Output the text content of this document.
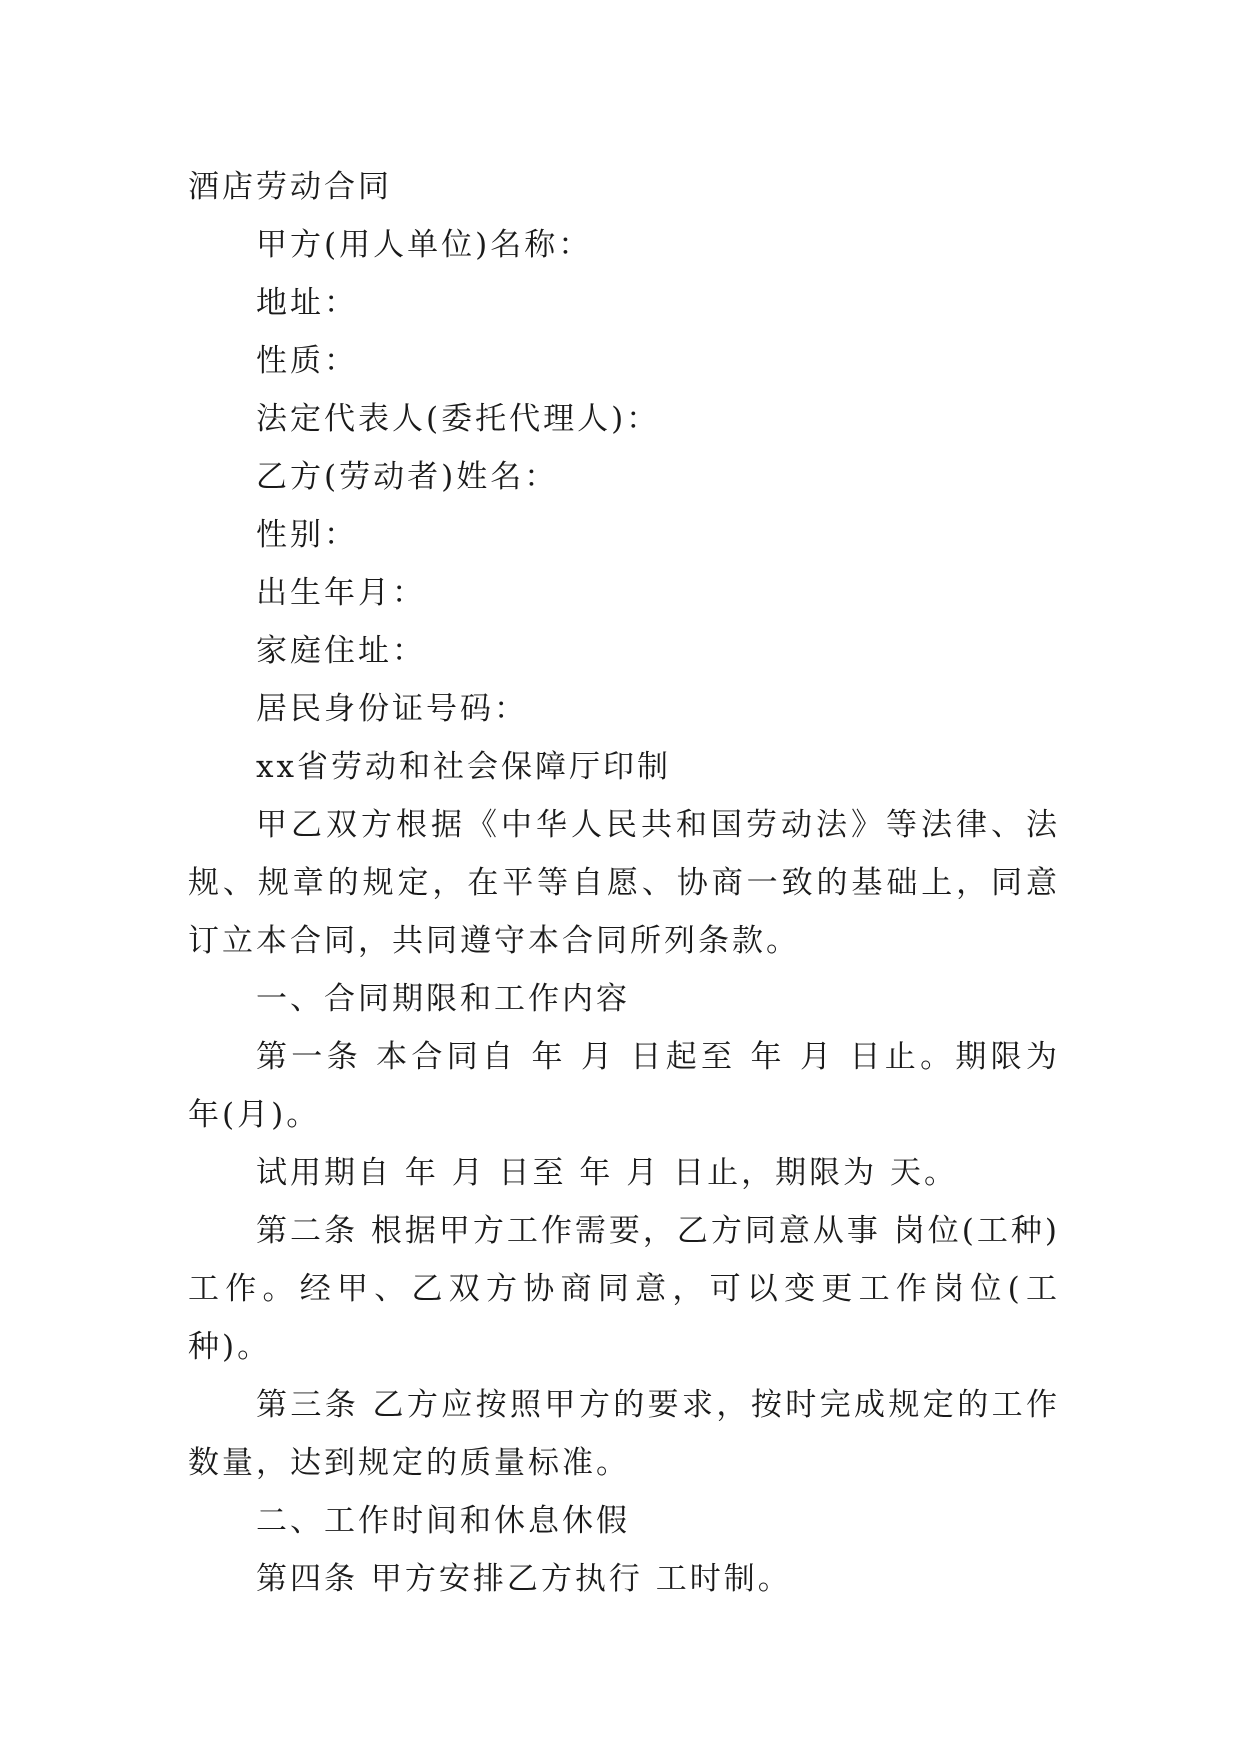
酒店劳动合同

甲方(用人单位)名称：

地址：

性质：

法定代表人(委托代理人)：

乙方(劳动者)姓名：

性别：

出生年月：

家庭住址：

居民身份证号码：

xx省劳动和社会保障厅印制

甲乙双方根据《中华人民共和国劳动法》等法律、法规、规章的规定，在平等自愿、协商一致的基础上，同意订立本合同，共同遵守本合同所列条款。

一、合同期限和工作内容

第一条 本合同自 年 月 日起至 年 月 日止。期限为 年(月)。

试用期自 年 月 日至 年 月 日止，期限为 天。

第二条 根据甲方工作需要，乙方同意从事 岗位(工种)工作。经甲、乙双方协商同意，可以变更工作岗位(工种)。

第三条 乙方应按照甲方的要求，按时完成规定的工作数量，达到规定的质量标准。

二、工作时间和休息休假

第四条 甲方安排乙方执行 工时制。
